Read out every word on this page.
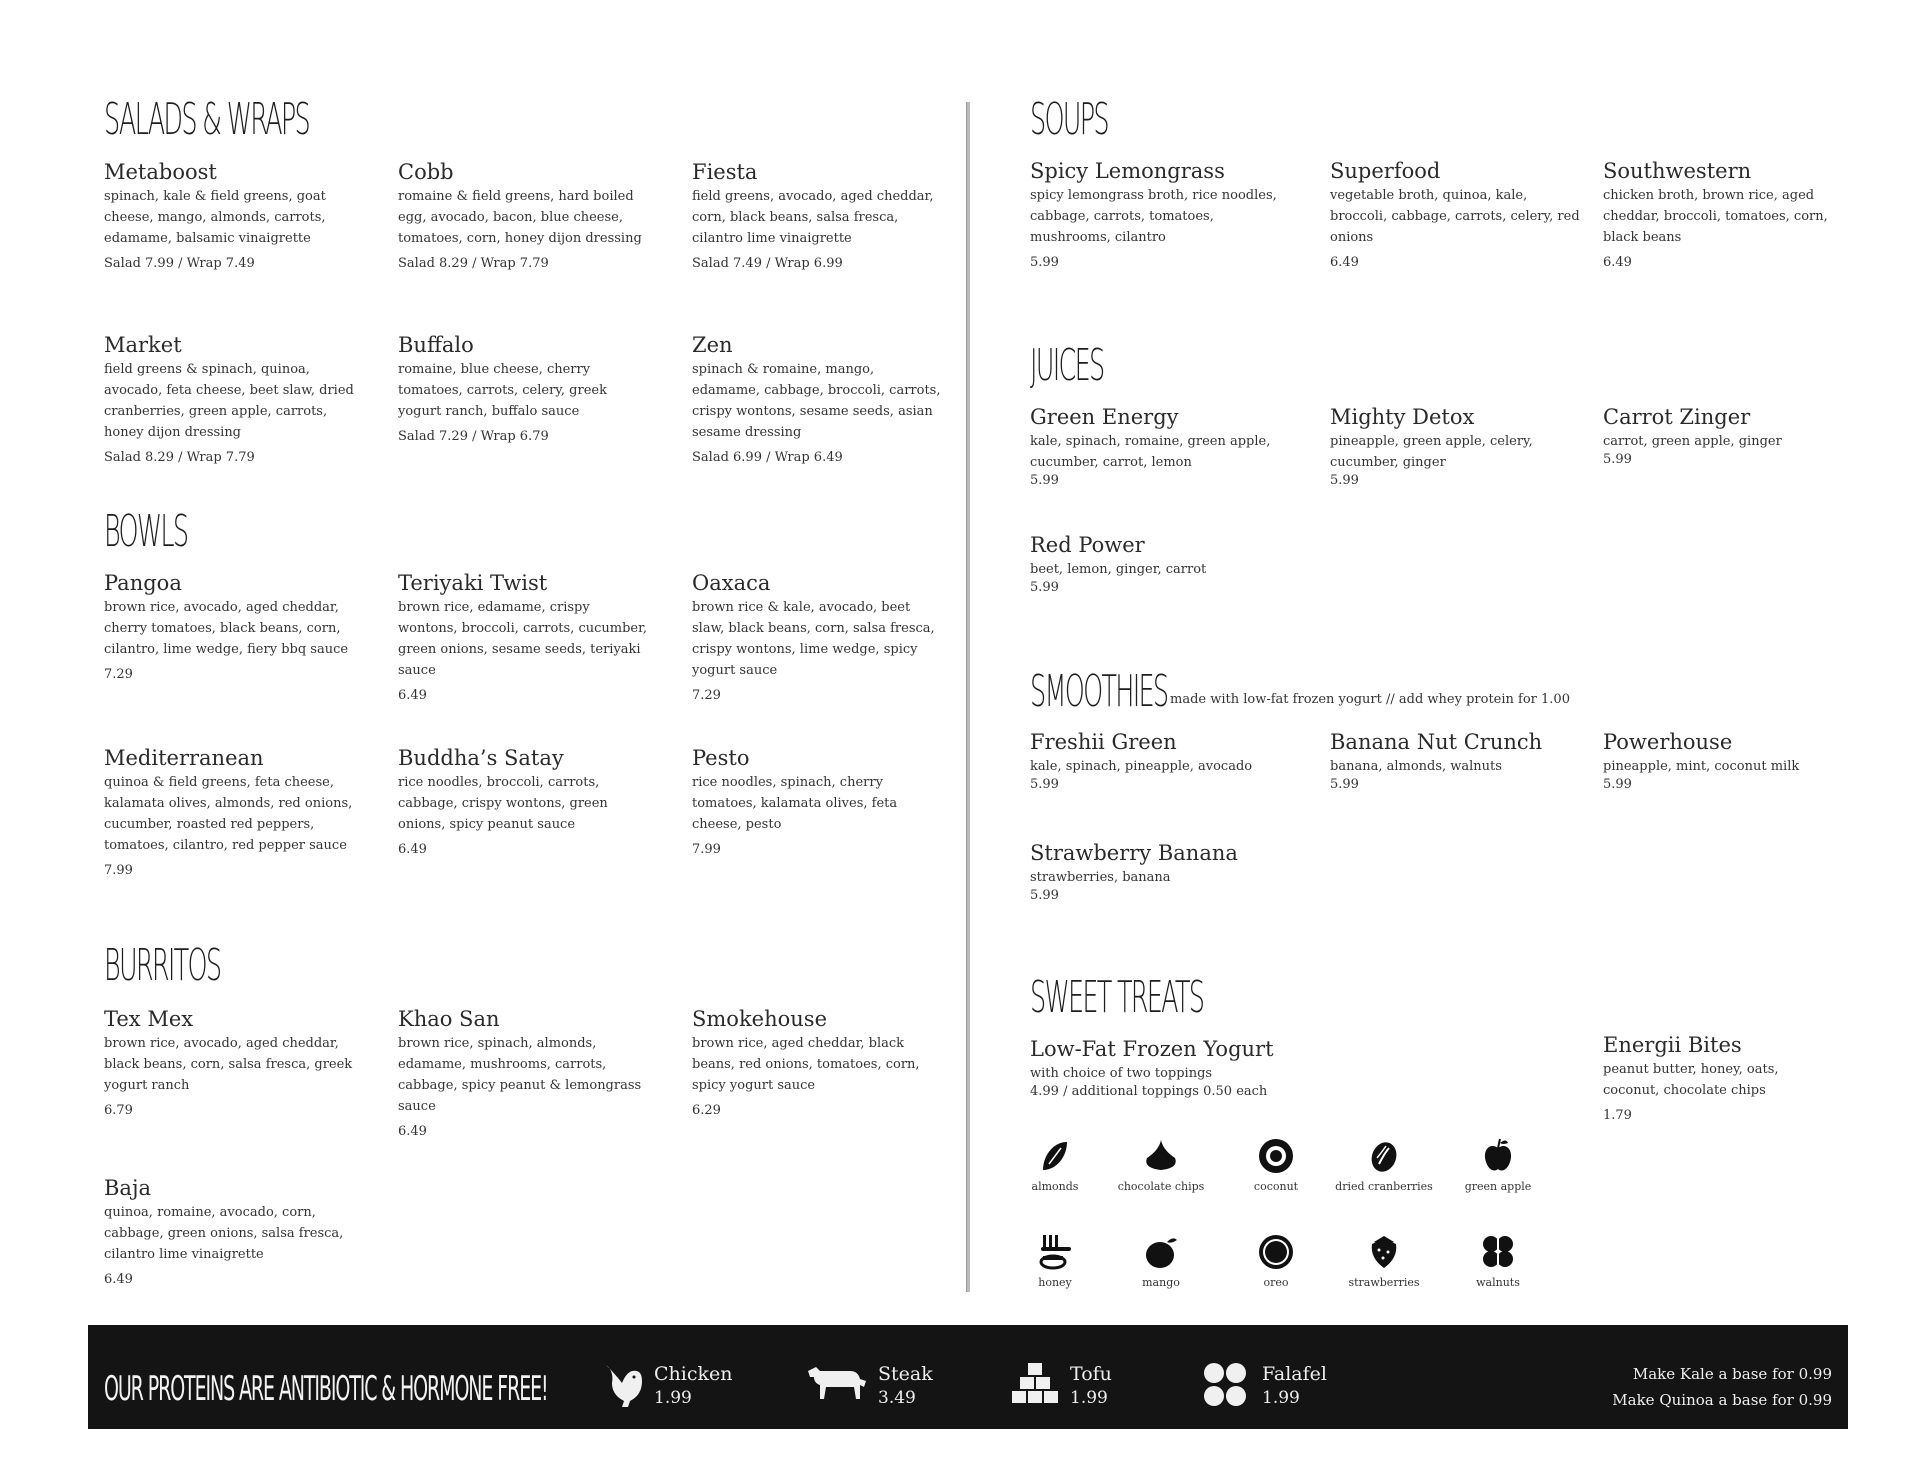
SALADS & WRAPS
Metaboost
spinach, kale & field greens, goat cheese, mango, almonds, carrots, edamame, balsamic vinaigrette
Salad 7.99 / Wrap 7.49
Cobb
romaine & field greens, hard boiled egg, avocado, bacon, blue cheese, tomatoes, corn, honey dijon dressing
Salad 8.29 / Wrap 7.79
Fiesta
field greens, avocado, aged cheddar, corn, black beans, salsa fresca, cilantro lime vinaigrette
Salad 7.49 / Wrap 6.99
Market
field greens & spinach, quinoa, avocado, feta cheese, beet slaw, dried cranberries, green apple, carrots, honey dijon dressing
Salad 8.29 / Wrap 7.79
Buffalo
romaine, blue cheese, cherry tomatoes, carrots, celery, greek yogurt ranch, buffalo sauce
Salad 7.29 / Wrap 6.79
Zen
spinach & romaine, mango, edamame, cabbage, broccoli, carrots, crispy wontons, sesame seeds, asian sesame dressing
Salad 6.99 / Wrap 6.49
BOWLS
Pangoa
brown rice, avocado, aged cheddar, cherry tomatoes, black beans, corn, cilantro, lime wedge, fiery bbq sauce
7.29
Teriyaki Twist
brown rice, edamame, crispy wontons, broccoli, carrots, cucumber, green onions, sesame seeds, teriyaki sauce
6.49
Oaxaca
brown rice & kale, avocado, beet slaw, black beans, corn, salsa fresca, crispy wontons, lime wedge, spicy yogurt sauce
7.29
Mediterranean
quinoa & field greens, feta cheese, kalamata olives, almonds, red onions, cucumber, roasted red peppers, tomatoes, cilantro, red pepper sauce
7.99
Buddha’s Satay
rice noodles, broccoli, carrots, cabbage, crispy wontons, green onions, spicy peanut sauce
6.49
Pesto
rice noodles, spinach, cherry tomatoes, kalamata olives, feta cheese, pesto
7.99
BURRITOS
Tex Mex
brown rice, avocado, aged cheddar, black beans, corn, salsa fresca, greek yogurt ranch
6.79
Khao San
brown rice, spinach, almonds, edamame, mushrooms, carrots, cabbage, spicy peanut & lemongrass sauce
6.49
Smokehouse
brown rice, aged cheddar, black beans, red onions, tomatoes, corn, spicy yogurt sauce
6.29
Baja
quinoa, romaine, avocado, corn, cabbage, green onions, salsa fresca, cilantro lime vinaigrette
6.49
SOUPS
Spicy Lemongrass
spicy lemongrass broth, rice noodles, cabbage, carrots, tomatoes, mushrooms, cilantro
5.99
Superfood
vegetable broth, quinoa, kale, broccoli, cabbage, carrots, celery, red onions
6.49
Southwestern
chicken broth, brown rice, aged cheddar, broccoli, tomatoes, corn, black beans
6.49
JUICES
Green Energy
kale, spinach, romaine, green apple, cucumber, carrot, lemon
5.99
Mighty Detox
pineapple, green apple, celery, cucumber, ginger
5.99
Carrot Zinger
carrot, green apple, ginger
5.99
Red Power
beet, lemon, ginger, carrot
5.99
SMOOTHIES made with low-fat frozen yogurt // add whey protein for 1.00
Freshii Green
kale, spinach, pineapple, avocado
5.99
Banana Nut Crunch
banana, almonds, walnuts
5.99
Powerhouse
pineapple, mint, coconut milk
5.99
Strawberry Banana
strawberries, banana
5.99
SWEET TREATS
Low-Fat Frozen Yogurt
with choice of two toppings
4.99 / additional toppings 0.50 each
Energii Bites
peanut butter, honey, oats, coconut, chocolate chips
1.79
almonds	chocolate chips	coconut	dried cranberries	green apple
honey	mango	oreo	strawberries	walnuts
OUR PROTEINS ARE ANTIBIOTIC & HORMONE FREE!	Chicken
1.99
Steak
3.49
Tofu
1.99
Falafel
1.99
Make Kale a base for 0.99
Make Quinoa a base for 0.99
